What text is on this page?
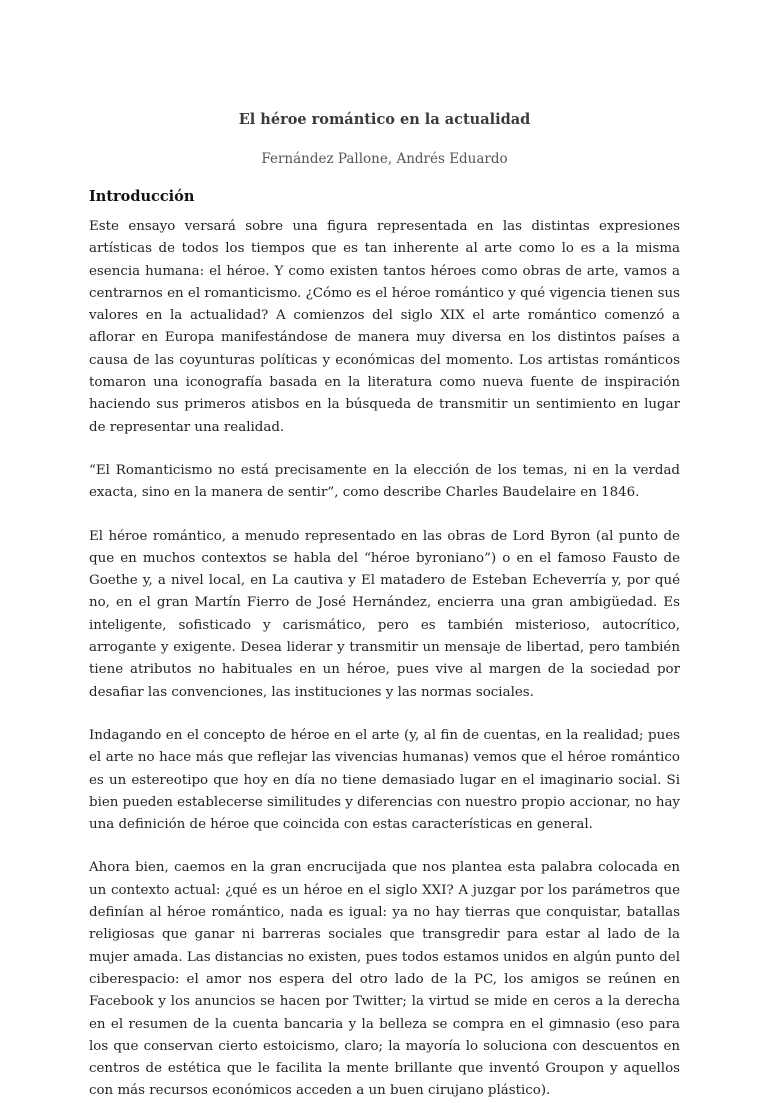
El héroe romántico en la actualidad

Fernández Pallone, Andrés Eduardo

Introducción

Este ensayo versará sobre una figura representada en las distintas expresiones artísticas de todos los tiempos que es tan inherente al arte como lo es a la misma esencia humana: el héroe. Y como existen tantos héroes como obras de arte, vamos a centrarnos en el romanticismo. ¿Cómo es el héroe romántico y qué vigencia tienen sus valores en la actualidad? A comienzos del siglo XIX el arte romántico comenzó a aflorar en Europa manifestándose de manera muy diversa en los distintos países a causa de las coyunturas políticas y económicas del momento. Los artistas románticos tomaron una iconografía basada en la literatura como nueva fuente de inspiración haciendo sus primeros atisbos en la búsqueda de transmitir un sentimiento en lugar de representar una realidad.

“El Romanticismo no está precisamente en la elección de los temas, ni en la verdad exacta, sino en la manera de sentir”, como describe Charles Baudelaire en 1846.

El héroe romántico, a menudo representado en las obras de Lord Byron (al punto de que en muchos contextos se habla del “héroe byroniano”) o en el famoso Fausto de Goethe y, a nivel local, en La cautiva y El matadero de Esteban Echeverría y, por qué no, en el gran Martín Fierro de José Hernández, encierra una gran ambigüedad. Es inteligente, sofisticado y carismático, pero es también misterioso, autocrítico, arrogante y exigente. Desea liderar y transmitir un mensaje de libertad, pero también tiene atributos no habituales en un héroe, pues vive al margen de la sociedad por desafiar las convenciones, las instituciones y las normas sociales.

Indagando en el concepto de héroe en el arte (y, al fin de cuentas, en la realidad; pues el arte no hace más que reflejar las vivencias humanas) vemos que el héroe romántico es un estereotipo que hoy en día no tiene demasiado lugar en el imaginario social. Si bien pueden establecerse similitudes y diferencias con nuestro propio accionar, no hay una definición de héroe que coincida con estas características en general.

Ahora bien, caemos en la gran encrucijada que nos plantea esta palabra colocada en un contexto actual: ¿qué es un héroe en el siglo XXI? A juzgar por los parámetros que definían al héroe romántico, nada es igual: ya no hay tierras que conquistar, batallas religiosas que ganar ni barreras sociales que transgredir para estar al lado de la mujer amada. Las distancias no existen, pues todos estamos unidos en algún punto del ciberespacio: el amor nos espera del otro lado de la PC, los amigos se reúnen en Facebook y los anuncios se hacen por Twitter; la virtud se mide en ceros a la derecha en el resumen de la cuenta bancaria y la belleza se compra en el gimnasio (eso para los que conservan cierto estoicismo, claro; la mayoría lo soluciona con descuentos en centros de estética que le facilita la mente brillante que inventó Groupon y aquellos con más recursos económicos acceden a un buen cirujano plástico).
